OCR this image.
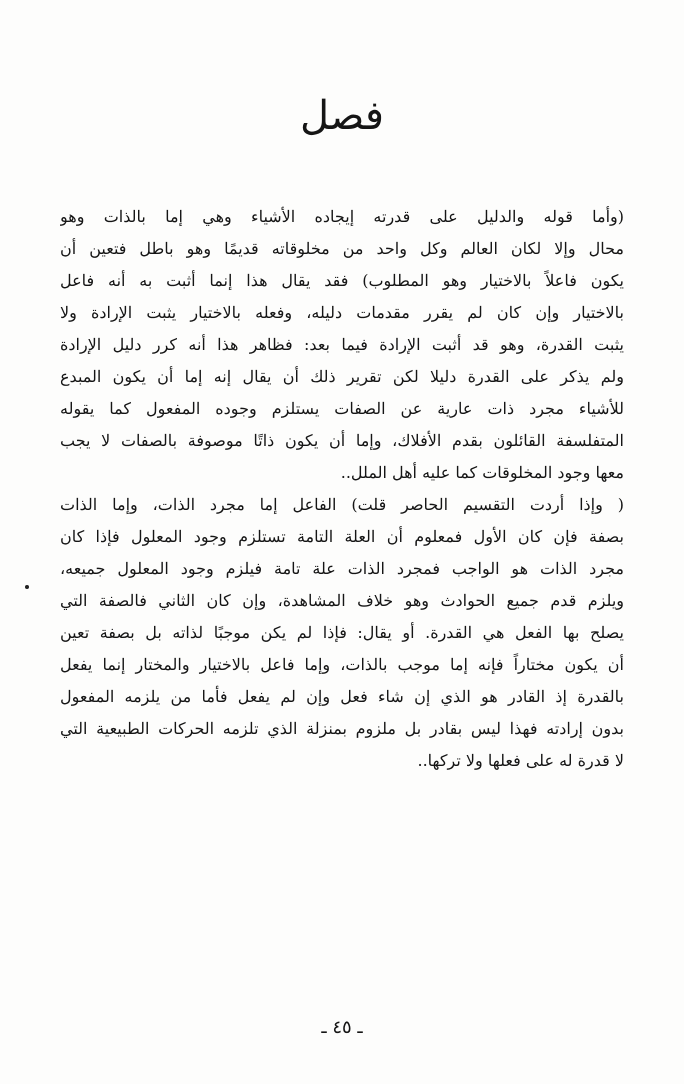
فصل
(وأما قوله والدليل على قدرته إيجاده الأشياء وهي إما بالذات وهو
محال وإلا لكان العالم وكل واحد من مخلوقاته قديمًا وهو باطل فتعين أن
يكون فاعلاً بالاختيار وهو المطلوب) فقد يقال هذا إنما أثبت به أنه فاعل
بالاختيار وإن كان لم يقرر مقدمات دليله، وفعله بالاختيار يثبت الإرادة ولا
يثبت القدرة، وهو قد أثبت الإرادة فيما بعد: فظاهر هذا أنه كرر دليل الإرادة
ولم يذكر على القدرة دليلا لكن تقرير ذلك أن يقال إنه إما أن يكون المبدع
للأشياء مجرد ذات عارية عن الصفات يستلزم وجوده المفعول كما يقوله
المتفلسفة القائلون بقدم الأفلاك، وإما أن يكون ذاتًا موصوفة بالصفات لا يجب
معها وجود المخلوقات كما عليه أهل الملل..
( وإذا أردت التقسيم الحاصر قلت) الفاعل إما مجرد الذات، وإما الذات
بصفة فإن كان الأول فمعلوم أن العلة التامة تستلزم وجود المعلول فإذا كان
مجرد الذات هو الواجب فمجرد الذات علة تامة فيلزم وجود المعلول جميعه،
ويلزم قدم جميع الحوادث وهو خلاف المشاهدة، وإن كان الثاني فالصفة التي
يصلح بها الفعل هي القدرة. أو يقال: فإذا لم يكن موجبًا لذاته بل بصفة تعين
أن يكون مختاراً فإنه إما موجب بالذات، وإما فاعل بالاختيار والمختار إنما يفعل
بالقدرة إذ القادر هو الذي إن شاء فعل وإن لم يفعل فأما من يلزمه المفعول
بدون إرادته فهذا ليس بقادر بل ملزوم بمنزلة الذي تلزمه الحركات الطبيعية التي
لا قدرة له على فعلها ولا تركها..
ـ ٤٥ ـ
